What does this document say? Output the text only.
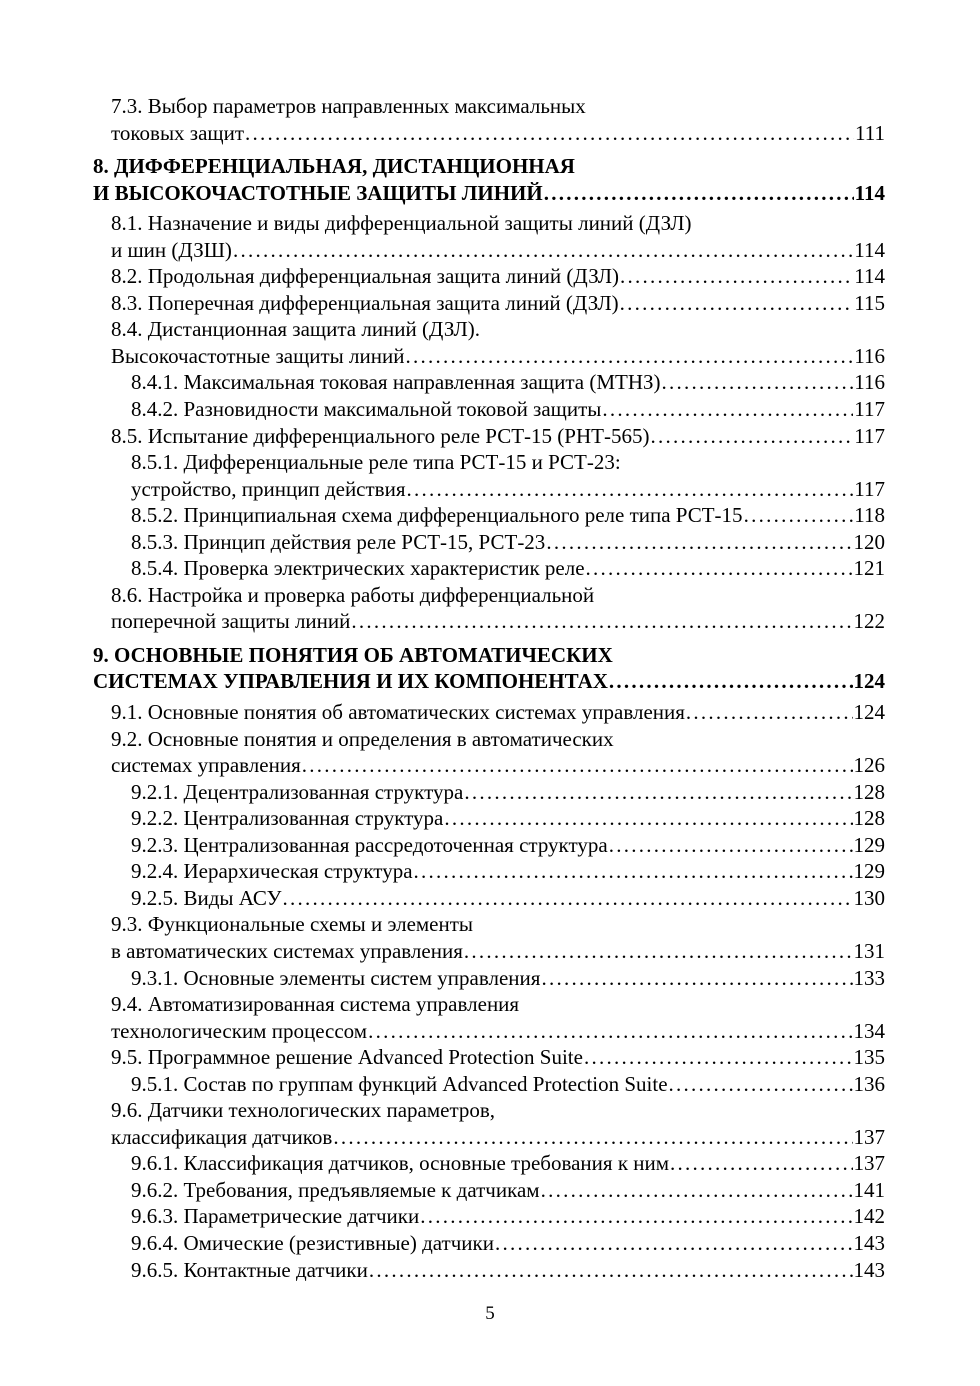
7.3. Выбор параметров направленных максимальных
токовых защит . . .	111
8. ДИФФЕРЕНЦИАЛЬНАЯ, ДИСТАНЦИОННАЯ
И ВЫСОКОЧАСТОТНЫЕ ЗАЩИТЫ ЛИНИЙ . . .	114
8.1. Назначение и виды дифференциальной защиты линий (ДЗЛ)
и шин (ДЗШ) . . .	114
8.2. Продольная дифференциальная защита линий (ДЗЛ) . . .	114
8.3. Поперечная дифференциальная защита линий (ДЗЛ) . . .	115
8.4. Дистанционная защита линий (ДЗЛ).
Высокочастотные защиты линий . . .	116
8.4.1. Максимальная токовая направленная защита (МТНЗ) . . .	116
8.4.2. Разновидности максимальной токовой защиты . . .	117
8.5. Испытание дифференциального реле РСТ-15 (РНТ-565) . . .	117
8.5.1. Дифференциальные реле типа РСТ-15 и РСТ-23:
устройство, принцип действия . . .	117
8.5.2. Принципиальная схема дифференциального реле типа РСТ-15 . . .	118
8.5.3. Принцип действия реле РСТ-15, РСТ-23 . . .	120
8.5.4. Проверка электрических характеристик реле . . .	121
8.6. Настройка и проверка работы дифференциальной
поперечной защиты линий . . .	122
9. ОСНОВНЫЕ ПОНЯТИЯ ОБ АВТОМАТИЧЕСКИХ
СИСТЕМАХ УПРАВЛЕНИЯ И ИХ КОМПОНЕНТАХ . . .	124
9.1. Основные понятия об автоматических системах управления . . .	124
9.2. Основные понятия и определения в автоматических
системах управления . . .	126
9.2.1. Децентрализованная структура . . .	128
9.2.2. Централизованная структура . . .	128
9.2.3. Централизованная рассредоточенная структура . . .	129
9.2.4. Иерархическая структура . . .	129
9.2.5. Виды АСУ . . .	130
9.3. Функциональные схемы и элементы
в автоматических системах управления . . .	131
9.3.1. Основные элементы систем управления . . .	133
9.4. Автоматизированная система управления
технологическим процессом . . .	134
9.5. Программное решение Advanced Protection Suite . . .	135
9.5.1. Состав по группам функций Advanced Protection Suite . . .	136
9.6. Датчики технологических параметров,
классификация датчиков . . .	137
9.6.1. Классификация датчиков, основные требования к ним . . .	137
9.6.2. Требования, предъявляемые к датчикам . . .	141
9.6.3. Параметрические датчики . . .	142
9.6.4. Омические (резистивные) датчики . . .	143
9.6.5. Контактные датчики . . .	143
5
